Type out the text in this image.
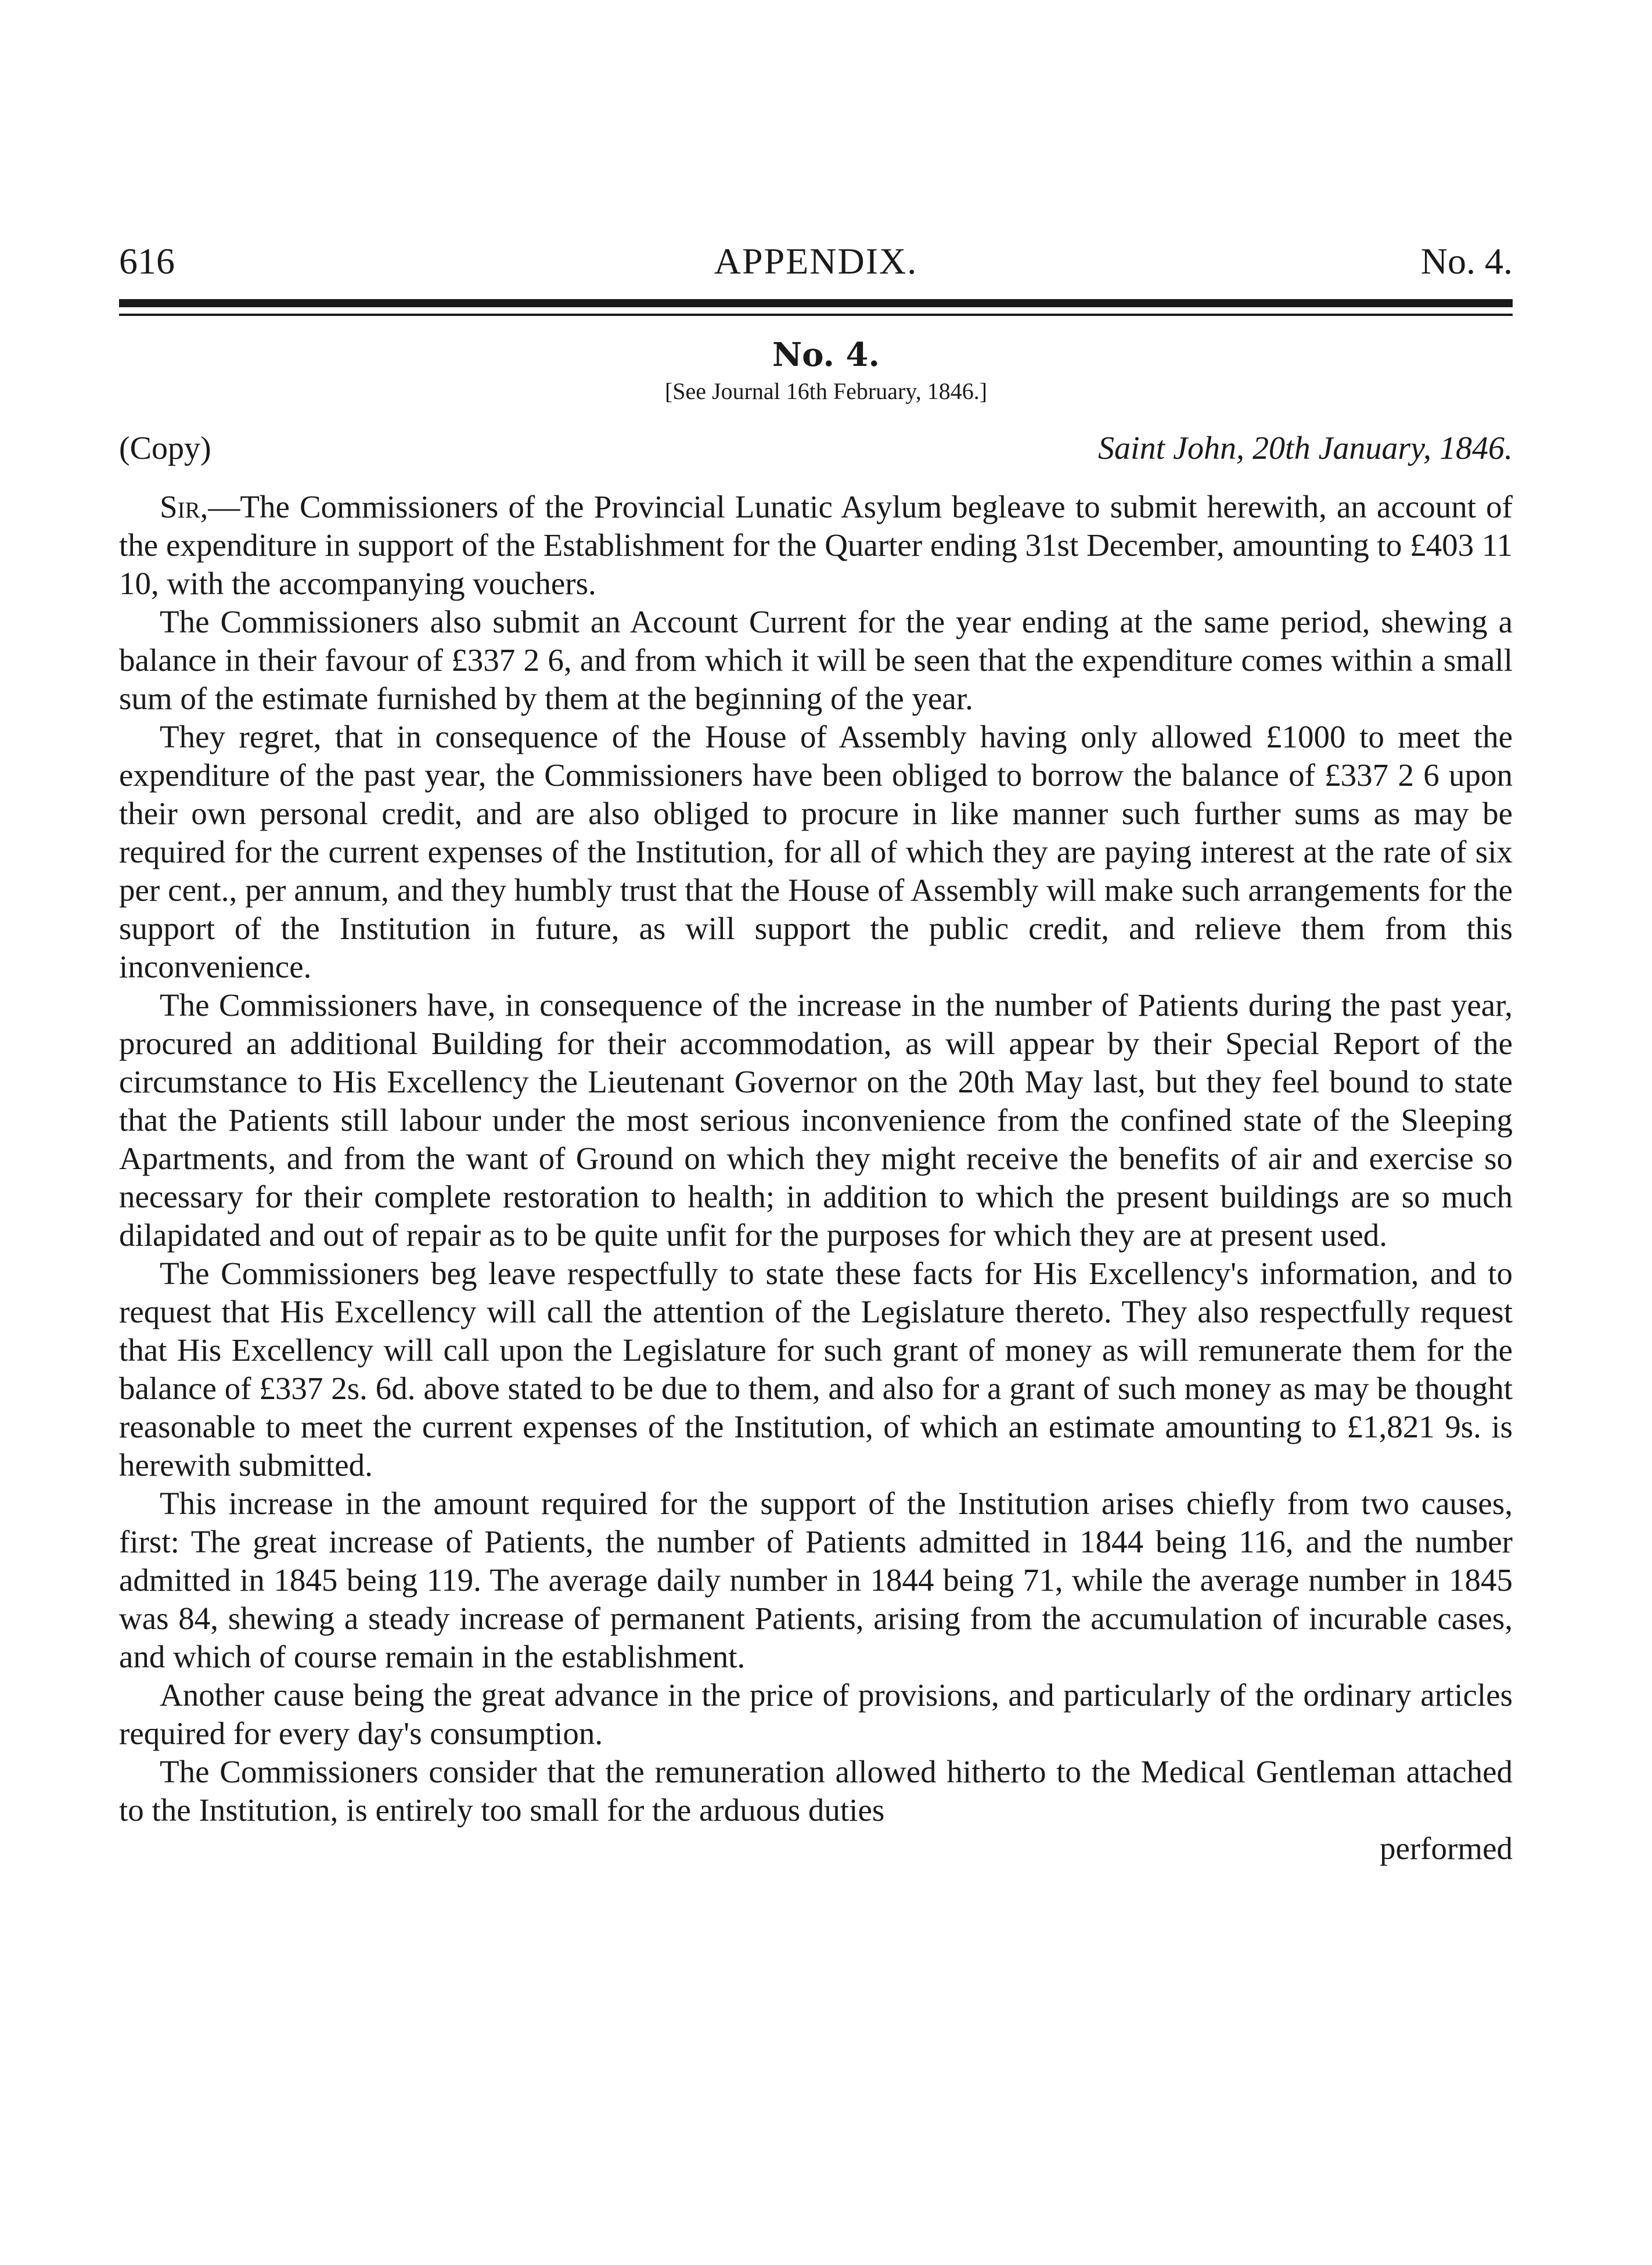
616	APPENDIX.	No. 4.
No. 4.
[See Journal 16th February, 1846.]
(Copy)	Saint John, 20th January, 1846.

Sir,—The Commissioners of the Provincial Lunatic Asylum begleave to submit herewith, an account of the expenditure in support of the Establishment for the Quarter ending 31st December, amounting to £403 11 10, with the accompanying vouchers.

The Commissioners also submit an Account Current for the year ending at the same period, shewing a balance in their favour of £337 2 6, and from which it will be seen that the expenditure comes within a small sum of the estimate furnished by them at the beginning of the year.

They regret, that in consequence of the House of Assembly having only allowed £1000 to meet the expenditure of the past year, the Commissioners have been obliged to borrow the balance of £337 2 6 upon their own personal credit, and are also obliged to procure in like manner such further sums as may be required for the current expenses of the Institution, for all of which they are paying interest at the rate of six per cent., per annum, and they humbly trust that the House of Assembly will make such arrangements for the support of the Institution in future, as will support the public credit, and relieve them from this inconvenience.

The Commissioners have, in consequence of the increase in the number of Patients during the past year, procured an additional Building for their accommodation, as will appear by their Special Report of the circumstance to His Excellency the Lieutenant Governor on the 20th May last, but they feel bound to state that the Patients still labour under the most serious inconvenience from the confined state of the Sleeping Apartments, and from the want of Ground on which they might receive the benefits of air and exercise so necessary for their complete restoration to health; in addition to which the present buildings are so much dilapidated and out of repair as to be quite unfit for the purposes for which they are at present used.

The Commissioners beg leave respectfully to state these facts for His Excellency's information, and to request that His Excellency will call the attention of the Legislature thereto. They also respectfully request that His Excellency will call upon the Legislature for such grant of money as will remunerate them for the balance of £337 2s. 6d. above stated to be due to them, and also for a grant of such money as may be thought reasonable to meet the current expenses of the Institution, of which an estimate amounting to £1,821 9s. is herewith submitted.

This increase in the amount required for the support of the Institution arises chiefly from two causes, first: The great increase of Patients, the number of Patients admitted in 1844 being 116, and the number admitted in 1845 being 119. The average daily number in 1844 being 71, while the average number in 1845 was 84, shewing a steady increase of permanent Patients, arising from the accumulation of incurable cases, and which of course remain in the establishment.

Another cause being the great advance in the price of provisions, and particularly of the ordinary articles required for every day's consumption.

The Commissioners consider that the remuneration allowed hitherto to the Medical Gentleman attached to the Institution, is entirely too small for the arduous duties

performed
